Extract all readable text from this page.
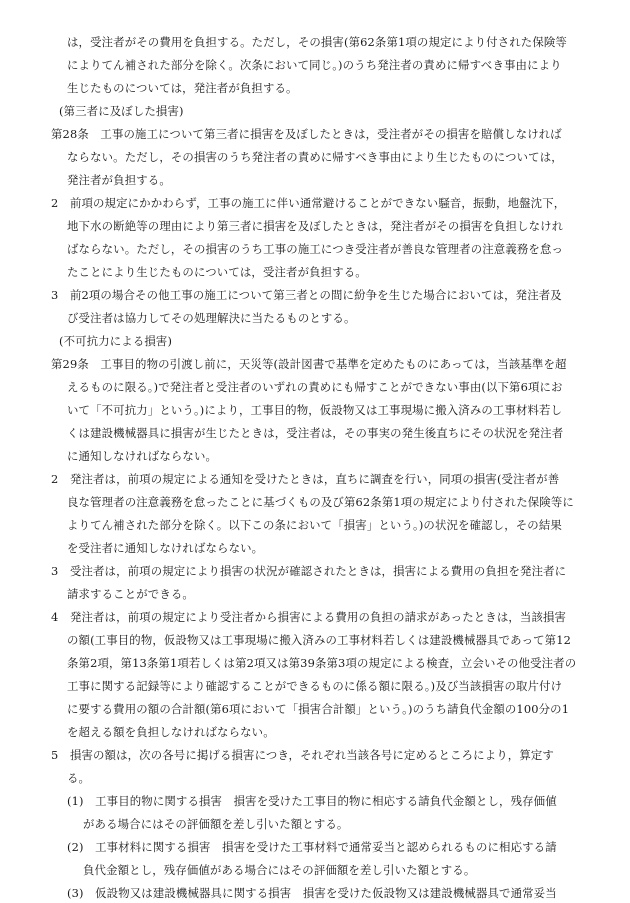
は，受注者がその費用を負担する。ただし，その損害(第62条第1項の規定により付された保険等
によりてん補された部分を除く。次条において同じ。)のうち発注者の責めに帰すべき事由により
生じたものについては，発注者が負担する。
(第三者に及ぼした損害)
第28条　工事の施工について第三者に損害を及ぼしたときは，受注者がその損害を賠償しなければ
ならない。ただし，その損害のうち発注者の責めに帰すべき事由により生じたものについては，
発注者が負担する。
2　前項の規定にかかわらず，工事の施工に伴い通常避けることができない騒音，振動，地盤沈下，
地下水の断絶等の理由により第三者に損害を及ぼしたときは，発注者がその損害を負担しなけれ
ばならない。ただし，その損害のうち工事の施工につき受注者が善良な管理者の注意義務を怠っ
たことにより生じたものについては，受注者が負担する。
3　前2項の場合その他工事の施工について第三者との間に紛争を生じた場合においては，発注者及
び受注者は協力してその処理解決に当たるものとする。
(不可抗力による損害)
第29条　工事目的物の引渡し前に，天災等(設計図書で基準を定めたものにあっては，当該基準を超
えるものに限る。)で発注者と受注者のいずれの責めにも帰すことができない事由(以下第6項にお
いて「不可抗力」という。)により，工事目的物，仮設物又は工事現場に搬入済みの工事材料若し
くは建設機械器具に損害が生じたときは，受注者は，その事実の発生後直ちにその状況を発注者
に通知しなければならない。
2　発注者は，前項の規定による通知を受けたときは，直ちに調査を行い，同項の損害(受注者が善
良な管理者の注意義務を怠ったことに基づくもの及び第62条第1項の規定により付された保険等に
よりてん補された部分を除く。以下この条において「損害」という。)の状況を確認し，その結果
を受注者に通知しなければならない。
3　受注者は，前項の規定により損害の状況が確認されたときは，損害による費用の負担を発注者に
請求することができる。
4　発注者は，前項の規定により受注者から損害による費用の負担の請求があったときは，当該損害
の額(工事目的物，仮設物又は工事現場に搬入済みの工事材料若しくは建設機械器具であって第12
条第2項，第13条第1項若しくは第2項又は第39条第3項の規定による検査，立会いその他受注者の
工事に関する記録等により確認することができるものに係る額に限る。)及び当該損害の取片付け
に要する費用の額の合計額(第6項において「損害合計額」という。)のうち請負代金額の100分の1
を超える額を負担しなければならない。
5　損害の額は，次の各号に掲げる損害につき，それぞれ当該各号に定めるところにより，算定す
る。
(1)　工事目的物に関する損害　損害を受けた工事目的物に相応する請負代金額とし，残存価値
がある場合にはその評価額を差し引いた額とする。
(2)　工事材料に関する損害　損害を受けた工事材料で通常妥当と認められるものに相応する請
負代金額とし，残存価値がある場合にはその評価額を差し引いた額とする。
(3)　仮設物又は建設機械器具に関する損害　損害を受けた仮設物又は建設機械器具で通常妥当
